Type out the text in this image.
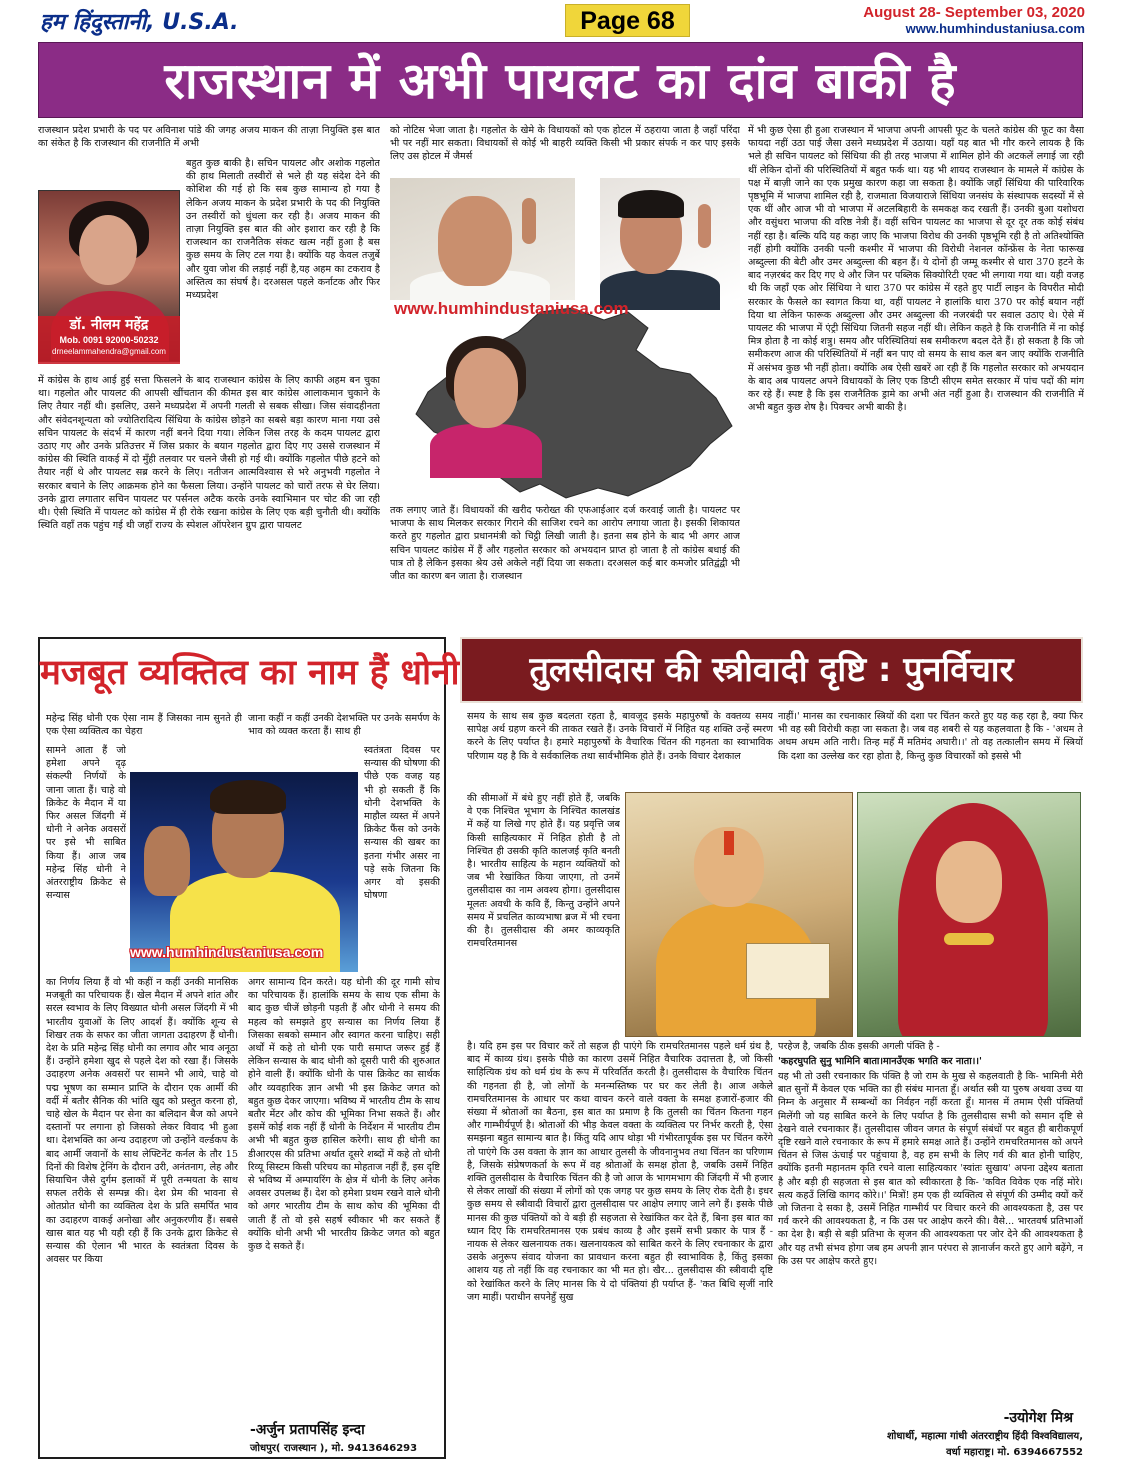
हम हिंदुस्तानी, U.S.A.	Page 68	August 28- September 03, 2020
www.humhindustaniusa.com
राजस्थान में अभी पायलट का दांव बाकी है
राजस्थान प्रदेश प्रभारी के पद पर अविनाश पांडे की जगह अजय माकन की ताज़ा नियुक्ति इस बात का संकेत है कि राजस्थान की राजनीति में अभी
डॉ. नीलम महेंद्र
Mob. 0091 92000-50232
drneelammahendra@gmail.com
बहुत कुछ बाकी है। सचिन पायलट और अशोक गहलोत की हाथ मिलाती तस्वीरों से भले ही यह संदेश देने की कोशिश की गई हो कि सब कुछ सामान्य हो गया है लेकिन अजय माकन के प्रदेश प्रभारी के पद की नियुक्ति उन तस्वीरों को धुंधला कर रही है। अजय माकन की ताज़ा नियुक्ति इस बात की ओर इशारा कर रही है कि राजस्थान का राजनैतिक संकट खत्म नहीं हुआ है बस कुछ समय के लिए टल गया है। क्योंकि यह केवल तजुर्बे और युवा जोश की लड़ाई नहीं है,यह अहम का टकराव है अस्तित्व का संघर्ष है। दरअसल पहले कर्नाटक और फिर मध्यप्रदेश
में कांग्रेस के हाथ आई हुई सत्ता फिसलने के बाद राजस्थान कांग्रेस के लिए काफी अहम बन चुका था। गहलोत और पायलट की आपसी खींचतान की कीमत इस बार कांग्रेस आलाकमान चुकाने के लिए तैयार नहीं थी। इसलिए, उसने मध्यप्रदेश में अपनी गलती से सबक सीखा। जिस संवादहीनता और संवेदनशून्यता को ज्योतिरादित्य सिंधिया के कांग्रेस छोड़ने का सबसे बड़ा कारण माना गया उसे सचिन पायलट के संदर्भ में कारण नहीं बनने दिया गया। लेकिन जिस तरह के कदम पायलट द्वारा उठाए गए और उनके प्रतिउत्तर में जिस प्रकार के बयान गहलोत द्वारा दिए गए उससे राजस्थान में कांग्रेस की स्थिति वाकई में दो मुँही तलवार पर चलने जैसी हो गई थी। क्योंकि गहलोत पीछे हटने को तैयार नहीं थे और पायलट सब्र करने के लिए। नतीजन आत्मविश्वास से भरे अनुभवी गहलोत ने सरकार बचाने के लिए आक्रमक होने का फैसला लिया। उन्होंने पायलट को चारों तरफ से घेर लिया। उनके द्वारा लगातार सचिन पायलट पर पर्सनल अटैक करके उनके स्वाभिमान पर चोट की जा रही थी। ऐसी स्थिति में पायलट को कांग्रेस में ही रोके रखना कांग्रेस के लिए एक बड़ी चुनौती थी। क्योंकि स्थिति वहाँ तक पहुंच गई थी जहाँ राज्य के स्पेशल ऑपरेशन ग्रुप द्वारा पायलट
को नोटिस भेजा जाता है। गहलोत के खेमे के विधायकों को एक होटल में ठहराया जाता है जहाँ परिंदा भी पर नहीं मार सकता। विधायकों से कोई भी बाहरी व्यक्ति किसी भी प्रकार संपर्क न कर पाए इसके लिए उस होटल में जैमर्स
www.humhindustaniusa.com
तक लगाए जाते हैं। विधायकों की खरीद फरोख्त की एफआईआर दर्ज करवाई जाती है। पायलट पर भाजपा के साथ मिलकर सरकार गिराने की साजिश रचने का आरोप लगाया जाता है। इसकी शिकायत करते हुए गहलोत द्वारा प्रधानमंत्री को चिट्ठी लिखी जाती है। इतना सब होने के बाद भी अगर आज सचिन पायलट कांग्रेस में हैं और गहलोत सरकार को अभयदान प्राप्त हो जाता है तो कांग्रेस बधाई की पात्र तो है लेकिन इसका श्रेय उसे अकेले नहीं दिया जा सकता। दरअसल कई बार कमजोर प्रतिद्वंद्वी भी जीत का कारण बन जाता है। राजस्थान
में भी कुछ ऐसा ही हुआ राजस्थान में भाजपा अपनी आपसी फूट के चलते कांग्रेस की फूट का वैसा फायदा नहीं उठा पाई जैसा उसने मध्यप्रदेश में उठाया। यहाँ यह बात भी गौर करने लायक है कि भले ही सचिन पायलट को सिंधिया की ही तरह भाजपा में शामिल होने की अटकलें लगाई जा रही थीं लेकिन दोनों की परिस्थितियों में बहुत फर्क था। यह भी शायद राजस्थान के मामले में कांग्रेस के पक्ष में बाज़ी जाने का एक प्रमुख कारण कहा जा सकता है। क्योंकि जहाँ सिंधिया की पारिवारिक पृष्ठभूमि में भाजपा शामिल रही है, राजमाता विजयाराजे सिंधिया जनसंघ के संस्थापक सदस्यों में से एक थीं और आज भी वो भाजपा में अटलबिहारी के समकक्ष कद रखती हैं। उनकी बुआ यशोधरा और वसुंधरा भाजपा की वरिष्ठ नेत्री हैं। वहीं सचिन पायलट का भाजपा से दूर दूर तक कोई संबंध नहीं रहा है। बल्कि यदि यह कहा जाए कि भाजपा विरोध की उनकी पृष्ठभूमि रही है तो अतिश्योक्ति नहीं होगी क्योंकि उनकी पत्नी कश्मीर में भाजपा की विरोधी नेशनल कॉन्फ्रेंस के नेता फारूख अब्दुल्ला की बेटी और उमर अब्दुल्ला की बहन हैं। ये दोनों ही जम्मू कश्मीर से धारा 370 हटने के बाद नज़रबंद कर दिए गए थे और जिन पर पब्लिक सिक्योरिटी एक्ट भी लगाया गया था। यही वजह थी कि जहाँ एक ओर सिंधिया ने धारा 370 पर कांग्रेस में रहते हुए पार्टी लाइन के विपरीत मोदी सरकार के फैसले का स्वागत किया था, वहीं पायलट ने हालांकि धारा 370 पर कोई बयान नहीं दिया था लेकिन फारूक अब्दुल्ला और उमर अब्दुल्ला की नजरबंदी पर सवाल उठाए थे। ऐसे में पायलट की भाजपा में एंट्री सिंधिया जितनी सहज नहीं थी। लेकिन कहते है कि राजनीति में ना कोई मित्र होता है ना कोई शत्रु। समय और परिस्थितियां सब समीकरण बदल देते हैं। हो सकता है कि जो समीकरण आज की परिस्थितियों में नहीं बन पाए वो समय के साथ कल बन जाए क्योंकि राजनीति में असंभव कुछ भी नहीं होता। क्योंकि अब ऐसी खबरें आ रही हैं कि गहलोत सरकार को अभयदान के बाद अब पायलट अपने विधायकों के लिए एक डिप्टी सीएम समेत सरकार में पांच पदों की मांग कर रहे हैं। स्पष्ट है कि इस राजनैतिक ड्रामे का अभी अंत नहीं हुआ है। राजस्थान की राजनीति में अभी बहुत कुछ शेष है। पिक्चर अभी बाकी है।
मजबूत व्यक्तित्व का नाम हैं धोनी
महेन्द्र सिंह धोनी एक ऐसा नाम हैं जिसका नाम सुनते ही एक ऐसा व्यक्तित्व का चेहरा
सामने आता हैं जो हमेशा अपने दृढ़ संकल्पी निर्णयों के जाना जाता हैं। चाहे वो क्रिकेट के मैदान में या फिर असल जिंदगी में धोनी ने अनेक अवसरों पर इसे भी साबित किया हैं। आज जब महेन्द्र सिंह धोनी ने अंतरराष्ट्रीय क्रिकेट से सन्यास
www.humhindustaniusa.com
का निर्णय लिया हैं वो भी कहीं न कहीं उनकी मानसिक मजबूती का परिचायक हैं। खेल मैदान में अपने शांत और सरल स्वभाव के लिए विख्यात धोनी असल जिंदगी में भी भारतीय युवाओं के लिए आदर्श हैं। क्योंकि शून्य से शिखर तक के सफर का जीता जागता उदाहरण हैं धोनी। देश के प्रति महेन्द्र सिंह धोनी का लगाव और भाव अनूठा हैं। उन्होंने हमेशा खुद से पहले देश को रखा हैं। जिसके उदाहरण अनेक अवसरों पर सामने भी आये, चाहे वो पद्म भूषण का सम्मान प्राप्ति के दौरान एक आर्मी की वर्दी में बतौर सैनिक की भांति खुद को प्रस्तुत करना हो, चाहे खेल के मैदान पर सेना का बलिदान बैज को अपने दस्तानों पर लगाना हो जिसको लेकर विवाद भी हुआ था। देशभक्ति का अन्य उदाहरण जो उन्होंने वर्ल्डकप के बाद आर्मी जवानों के साथ लेफ्टिनेंट कर्नल के तौर 15 दिनों की विशेष ट्रेनिंग के दौरान उरी, अनंतनाग, लेह और सियाचिन जैसे दुर्गम इलाकों में पूरी तन्मयता के साथ सफल तरीके से सम्पन्न की। देश प्रेम की भावना से ओतप्रोत धोनी का व्यक्तित्व देश के प्रति समर्पित भाव का उदाहरण वाकई अनोखा और अनुकरणीय हैं। सबसे खास बात यह भी यही रही हैं कि उनके द्वारा क्रिकेट से सन्यास की ऐलान भी भारत के स्वतंत्रता दिवस के अवसर पर किया
जाना कहीं न कहीं उनकी देशभक्ति पर उनके समर्पण के भाव को व्यक्त करता हैं। साथ ही
स्वतंत्रता दिवस पर सन्यास की घोषणा की पीछे एक वजह यह भी हो सकती हैं कि धोनी देशभक्ति के माहौल व्यस्त में अपने क्रिकेट फैंस को उनके सन्यास की खबर का इतना गंभीर असर ना पड़े सके जितना कि अगर वो इसकी घोषणा
अगर सामान्य दिन करते। यह धोनी की दूर गामी सोच का परिचायक हैं। हालांकि समय के साथ एक सीमा के बाद कुछ चीजें छोड़नी पड़ती हैं और धोनी ने समय की महत्व को समझते हुए सन्यास का निर्णय लिया हैं जिसका सबको सम्मान और स्वागत करना चाहिए। सही अर्थों में कहे तो धोनी एक पारी समाप्त जरूर हुई हैं लेकिन सन्यास के बाद धोनी को दूसरी पारी की शुरुआत होने वाली हैं। क्योंकि धोनी के पास क्रिकेट का सार्थक और व्यवहारिक ज्ञान अभी भी इस क्रिकेट जगत को बहुत कुछ देकर जाएगा। भविष्य में भारतीय टीम के साथ बतौर मेंटर और कोच की भूमिका निभा सकते हैं। और इसमें कोई शक नहीं हैं धोनी के निर्देशन में भारतीय टीम अभी भी बहुत कुछ हासिल करेगी। साथ ही धोनी का डीआरएस की प्रतिभा अर्थात दूसरे शब्दों में कहे तो धोनी रिव्यू सिस्टम किसी परिचय का मोहताज नहीं हैं, इस दृष्टि से भविष्य में अम्पायरिंग के क्षेत्र में धोनी के लिए अनेक अवसर उपलब्ध हैं। देश को हमेशा प्रथम रखने वाले धोनी को अगर भारतीय टीम के साथ कोच की भूमिका दी जाती हैं तो वो इसे सहर्ष स्वीकार भी कर सकते हैं क्योंकि धोनी अभी भी भारतीय क्रिकेट जगत को बहुत कुछ दे सकते हैं।
-अर्जुन प्रतापसिंह इन्दा
जोधपुर( राजस्थान ), मो. 9413646293
तुलसीदास की स्त्रीवादी दृष्टि : पुनर्विचार
समय के साथ सब कुछ बदलता रहता है, बावजूद इसके महापुरुषों के वक्तव्य समय सापेक्ष अर्थ ग्रहण करने की ताकत रखते हैं। उनके विचारों में निहित यह शक्ति उन्हें स्मरण करने के लिए पर्याप्त है। हमारे महापुरुषों के वैचारिक चिंतन की गहनता का स्वाभाविक परिणाम यह है कि वे सर्वकालिक तथा सार्वभौमिक होते हैं। उनके विचार देशकाल
की सीमाओं में बंधे हुए नहीं होते हैं, जबकि वे एक निश्चित भूभाग के निश्चित कालखंड में कहें या लिखे गए होते हैं। यह प्रवृत्ति जब किसी साहित्यकार में निहित होती है तो निश्चित ही उसकी कृति कालजई कृति बनती है। भारतीय साहित्य के महान व्यक्तियों को जब भी रेखांकित किया जाएगा, तो उनमें तुलसीदास का नाम अवश्य होगा। तुलसीदास मूलतः अवधी के कवि हैं, किन्तु उन्होंने अपने समय में प्रचलित काव्यभाषा ब्रज में भी रचना की है। तुलसीदास की अमर काव्यकृति रामचरितमानस
है। यदि हम इस पर विचार करें तो सहज ही पाएंगे कि रामचरितमानस पहले धर्म ग्रंथ है, बाद में काव्य ग्रंथ। इसके पीछे का कारण उसमें निहित वैचारिक उदात्तता है, जो किसी साहित्यिक ग्रंथ को धर्म ग्रंथ के रूप में परिवर्तित करती है। तुलसीदास के वैचारिक चिंतन की गहनता ही है, जो लोगों के मनन्मस्तिष्क पर घर कर लेती है। आज अकेले रामचरितमानस के आधार पर कथा वाचन करने वाले वक्ता के समक्ष हजारों-हजार की संख्या में श्रोताओं का बैठना, इस बात का प्रमाण है कि तुलसी का चिंतन कितना गहन और गाम्भीर्यपूर्ण है। श्रोताओं की भीड़ केवल वक्ता के व्यक्तित्व पर निर्भर करती है, ऐसा समझना बहुत सामान्य बात है। किंतु यदि आप थोड़ा भी गंभीरतापूर्वक इस पर चिंतन करेंगे तो पाएंगे कि उस वक्ता के ज्ञान का आधार तुलसी के जीवनानुभव तथा चिंतन का परिणाम है, जिसके संप्रेषणकर्ता के रूप में वह श्रोताओं के समक्ष होता है, जबकि उसमें निहित शक्ति तुलसीदास के वैचारिक चिंतन की है जो आज के भागमभाग की जिंदगी में भी हजार से लेकर लाखों की संख्या में लोगों को एक जगह पर कुछ समय के लिए रोक देती है। इधर कुछ समय से स्त्रीवादी विचारों द्वारा तुलसीदास पर आक्षेप लगाए जाने लगे हैं। इसके पीछे मानस की कुछ पंक्तियों को वे बड़ी ही सहजता से रेखांकित कर देते हैं, बिना इस बात का ध्यान दिए कि रामचरितमानस एक प्रबंध काव्य है और इसमें सभी प्रकार के पात्र हैं - नायक से लेकर खलनायक तक। खलनायकत्व को साबित करने के लिए रचनाकार के द्वारा उसके अनुरूप संवाद योजना का प्रावधान करना बहुत ही स्वाभाविक है, किंतु इसका आशय यह तो नहीं कि वह रचनाकार का भी मत हो। खैर... तुलसीदास की स्त्रीवादी दृष्टि को रेखांकित करने के लिए मानस कि ये दो पंक्तियां ही पर्याप्त हैं- 'कत बिधि सृजीं नारि जग माहीं। पराधीन सपनेहुँ सुख
नाहीं।' मानस का रचनाकार स्त्रियों की दशा पर चिंतन करते हुए यह कह रहा है, क्या फिर भी वह स्त्री विरोधी कहा जा सकता है। जब वह शबरी से यह कहलवाता है कि - 'अधम ते अधम अधम अति नारी। तिन्ह महँ मैं मतिमंद अघारी।।' तो वह तत्कालीन समय में स्त्रियों कि दशा का उल्लेख कर रहा होता है, किन्तु कुछ विचारकों को इससे भी
परहेज है, जबकि ठीक इसकी अगली पंक्ति है -
'कहरघुपति सुनु भामिनि बाता।मानउँएक भगति कर नाता।।'
यह भी तो उसी रचनाकार कि पंक्ति है जो राम के मुख से कहलवाती है कि- भामिनी मेरी बात सुनों मैं केवल एक भक्ति का ही संबंध मानता हूँ। अर्थात स्त्री या पुरुष अथवा उच्च या निम्न के अनुसार मैं सम्बन्धों का निर्वहन नहीं करता हूँ। मानस में तमाम ऐसी पंक्तियाँ मिलेंगी जो यह साबित करने के लिए पर्याप्त है कि तुलसीदास सभी को समान दृष्टि से देखने वाले रचनाकार हैं। तुलसीदास जीवन जगत के संपूर्ण संबंधों पर बहुत ही बारीकपूर्ण दृष्टि रखने वाले रचनाकार के रूप में हमारे समक्ष आते हैं। उन्होंने रामचरितमानस को अपने चिंतन से जिस ऊंचाई पर पहुंचाया है, वह हम सभी के लिए गर्व की बात होनी चाहिए, क्योंकि इतनी महानतम कृति रचने वाला साहित्यकार 'स्वांतः सुखाय' अपना उद्देश्य बताता है और बड़ी ही सहजता से इस बात को स्वीकारता है कि- 'कवित विवेक एक नहिं मोरे। सत्य कहउँ लिखि कागद कोरे।।' मित्रों! हम एक ही व्यक्तित्व से संपूर्ण की उम्मीद क्यों करें जो जितना दे सका है, उसमें निहित गाम्भीर्य पर विचार करने की आवश्यकता है, उस पर गर्व करने की आवश्यकता है, न कि उस पर आक्षेप करने की। वैसे... भारतवर्ष प्रतिभाओं का देश है। बड़ी से बड़ी प्रतिभा के सृजन की आवश्यकता पर जोर देने की आवश्यकता है और यह तभी संभव होगा जब हम अपनी ज्ञान परंपरा से ज्ञानार्जन करते हुए आगे बढ़ेंगे, न कि उस पर आक्षेप करते हुए।
-उयोगेश मिश्र
शोधार्थी, महात्मा गांधी अंतरराष्ट्रीय हिंदी विश्वविद्यालय,
वर्धा महाराष्ट्र। मो. 6394667552
